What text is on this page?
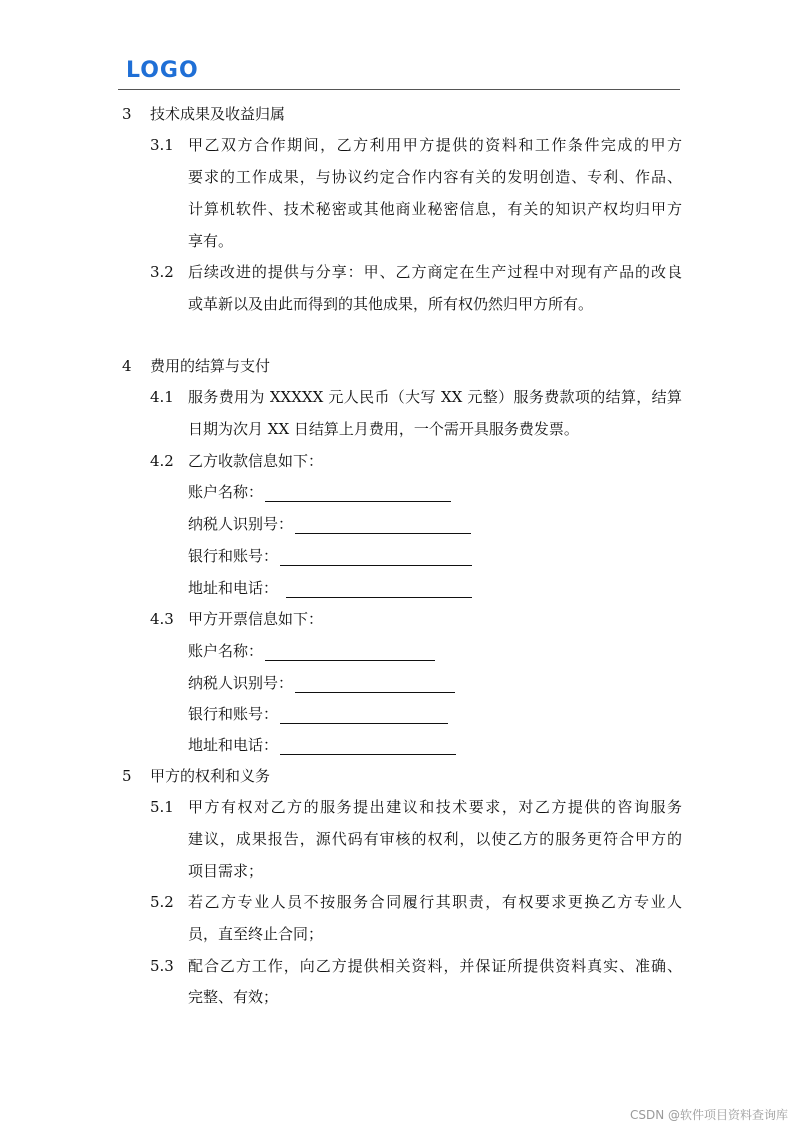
LOGO
3 技术成果及收益归属
3.1 甲乙双方合作期间，乙方利用甲方提供的资料和工作条件完成的甲方
要求的工作成果，与协议约定合作内容有关的发明创造、专利、作品、
计算机软件、技术秘密或其他商业秘密信息，有关的知识产权均归甲方
享有。
3.2 后续改进的提供与分享：甲、乙方商定在生产过程中对现有产品的改良
或革新以及由此而得到的其他成果，所有权仍然归甲方所有。
4 费用的结算与支付
4.1 服务费用为 XXXXX 元人民币（大写 XX 元整）服务费款项的结算，结算
日期为次月 XX 日结算上月费用，一个需开具服务费发票。
4.2 乙方收款信息如下：
账户名称：
纳税人识别号：
银行和账号：
地址和电话：
4.3 甲方开票信息如下：
账户名称：
纳税人识别号：
银行和账号：
地址和电话：
5 甲方的权利和义务
5.1 甲方有权对乙方的服务提出建议和技术要求，对乙方提供的咨询服务
建议，成果报告，源代码有审核的权利，以使乙方的服务更符合甲方的
项目需求；
5.2 若乙方专业人员不按服务合同履行其职责，有权要求更换乙方专业人
员，直至终止合同；
5.3 配合乙方工作，向乙方提供相关资料，并保证所提供资料真实、准确、
完整、有效；
CSDN @软件项目资料查询库
